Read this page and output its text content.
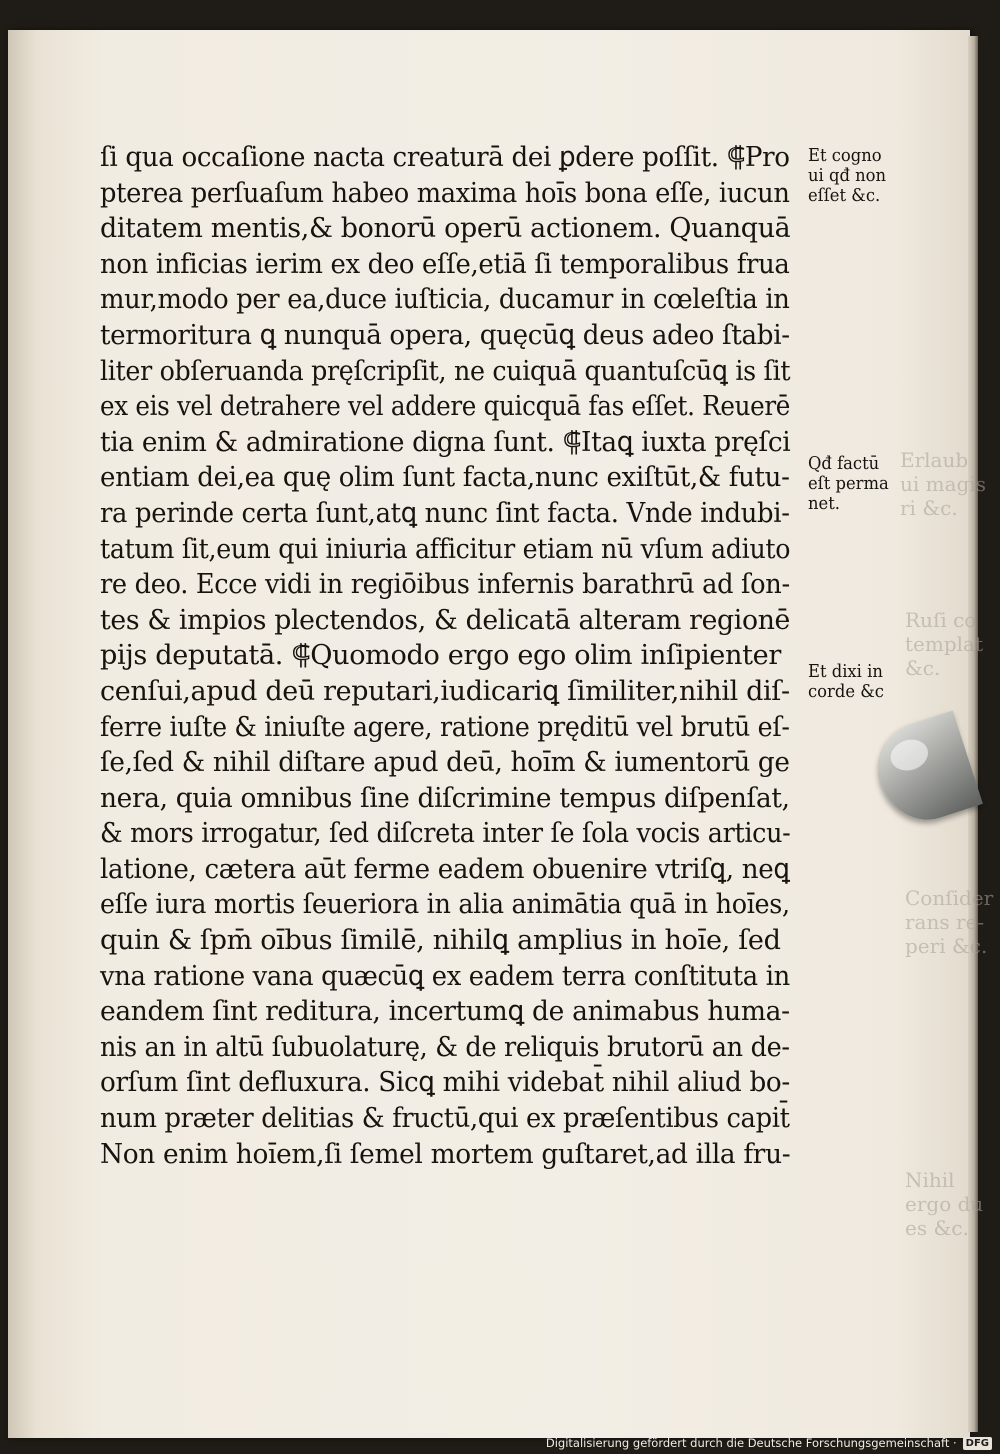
Erlaub
ui magis
ri &c.

Ruſi co
templat
&c.

Conſider
rans re-
peri &c.

Nihil
ergo du
es &c.

ſi qua occaſione nacta creaturā dei ꝑdere poſſit. ⸿Pro
pterea perſuaſum habeo maxima hoı̄s bona eſſe, iucun
ditatem mentis,& bonorū operū actionem. Quanquā
non inficias ierim ex deo eſſe,etiā ſi temporalibus frua
mur,modo per ea,duce iuſticia, ducamur in cœleſtia in
termoritura ꝗ nunquā opera, quęcūꝗ deus adeo ſtabi-
liter obſeruanda pręſcripſit, ne cuiquā quantuſcūꝗ is ſit
ex eis vel detrahere vel addere quicquā fas eſſet. Reuerē
tia enim & admiratione digna ſunt. ⸿Itaꝗ iuxta pręſci
entiam dei,ea quę olim ſunt facta,nunc exiſtūt,& futu-
ra perinde certa ſunt,atꝗ nunc ſint facta. Vnde indubi-
tatum ſit,eum qui iniuria afficitur etiam nū vſum adiuto
re deo. Ecce vidi in regiōibus infernis barathrū ad ſon-
tes & impios plectendos, & delicatā alteram regionē
pijs deputatā. ⸿Quomodo ergo ego olim inſipienter
cenſui,apud deū reputari,iudicariꝗ ſimiliter,nihil diſ-
ferre iuſte & iniuſte agere, ratione pręditū vel brutū eſ-
ſe,ſed & nihil diſtare apud deū, hoı̄m & iumentorū ge
nera, quia omnibus ſine diſcrimine tempus diſpenſat,
& mors irrogatur, ſed diſcreta inter ſe ſola vocis articu-
latione, cætera aūt ferme eadem obuenire vtriſꝗ, neꝗ
eſſe iura mortis ſeueriora in alia animātia quā in hoı̄es,
quin & ſpm̄ oı̄bus ſimilē, nihilꝗ amplius in hoı̄e, ſed
vna ratione vana quæcūꝗ ex eadem terra conſtituta in
eandem ſint reditura, incertumꝗ de animabus huma-
nis an in altū ſubuolaturę, & de reliquis brutorū an de-
orſum ſint defluxura. Sicꝗ mihi videbat̄ nihil aliud bo-
num præter delitias & fructū,qui ex præſentibus capit̄
Non enim hoı̄em,ſi ſemel mortem guſtaret,ad illa fru-
Et cogno
ui qđ non
eſſet &c.
Qđ factū
eſt perma
net.
Et dixi in
corde &c
Digitalisierung gefördert durch die Deutsche Forschungsgemeinschaft · DFG
